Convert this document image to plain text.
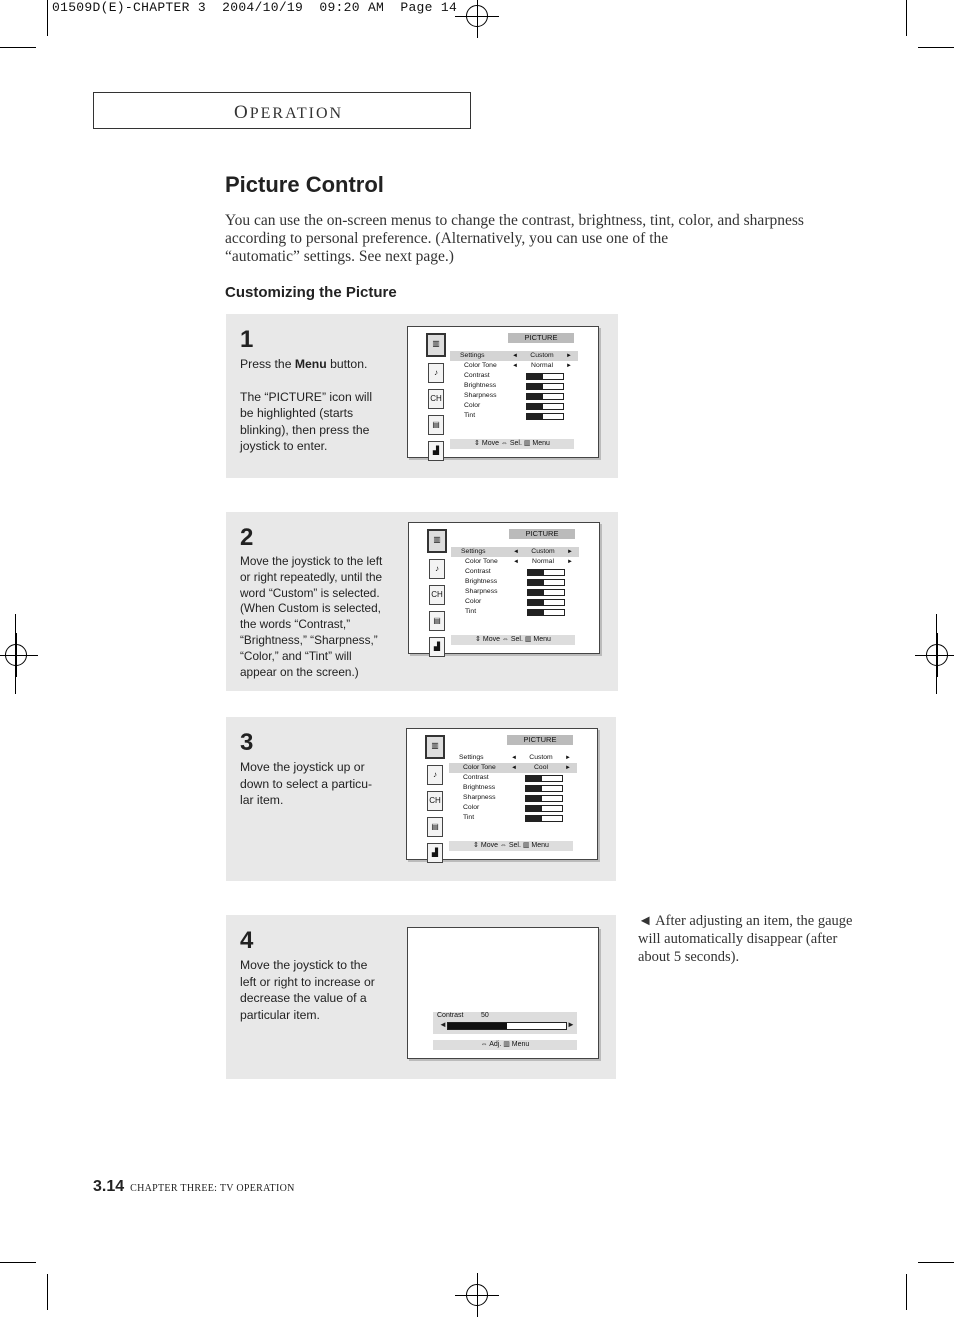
01509D(E)-CHAPTER 3  2004/10/19  09:20 AM  Page 14
OPERATION
Picture Control

You can use the on-screen menus to change the contrast, brightness, tint, color, and sharpness

according to personal preference. (Alternatively, you can use one of the

“automatic” settings. See next page.)

Customizing the Picture
1

Press the Menu button.

The “PICTURE” icon will be highlighted (starts blinking), then press the joystick to enter.

▥
♪
CH
▤
▟
PICTURE
Settings	◄	Custom	►
Color Tone	◄	Normal	►
Contrast
Brightness
Sharpness
Color
Tint
⇕ Move ⇔ Sel. ▥ Menu
2

Move the joystick to the left or right repeatedly, until the word “Custom” is selected. (When Custom is selected, the words “Contrast,” “Brightness,” “Sharpness,” “Color,” and “Tint” will appear on the screen.)

▥
♪
CH
▤
▟
PICTURE
Settings	◄	Custom	►
Color Tone	◄	Normal	►
Contrast
Brightness
Sharpness
Color
Tint
⇕ Move ⇔ Sel. ▥ Menu
3

Move the joystick up or down to select a particu- lar item.

▥
♪
CH
▤
▟
PICTURE
Settings	◄	Custom	►
Color Tone	◄	Cool	►
Contrast
Brightness
Sharpness
Color
Tint
⇕ Move ⇔ Sel. ▥ Menu
4

Move the joystick to the left or right to increase or decrease the value of a particular item.	Contrast	50
◄	►
⇔ Adj. ▥ Menu
◄ After adjusting an item, the gauge will automatically disappear (after about 5 seconds).
3.14 CHAPTER THREE: TV OPERATION
